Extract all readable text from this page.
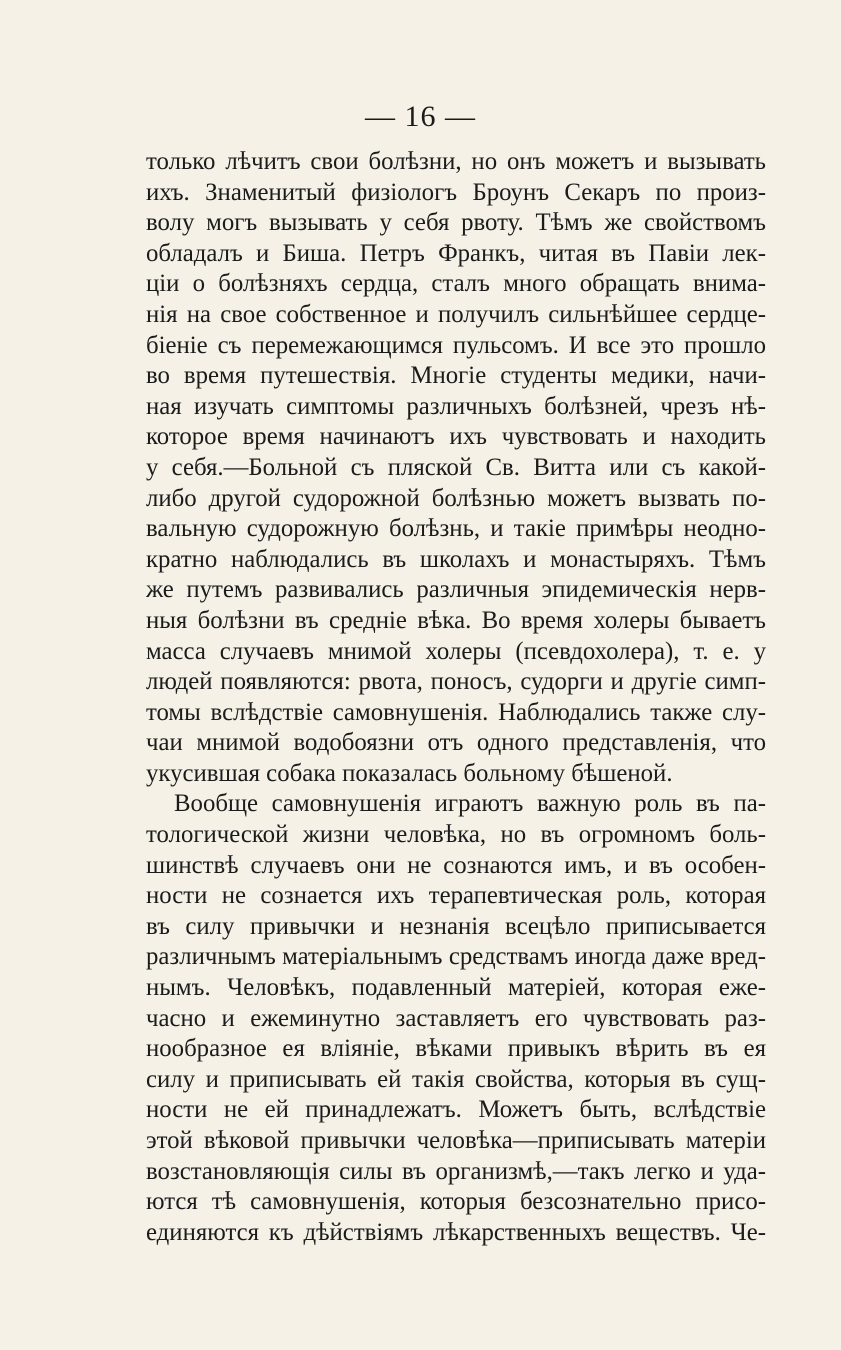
— 16 —
только лѣчитъ свои болѣзни, но онъ можетъ и вызывать
ихъ. Знаменитый физіологъ Броунъ Секаръ по произ-
волу могъ вызывать у себя рвоту. Тѣмъ же свойствомъ
обладалъ и Биша. Петръ Франкъ, читая въ Павіи лек-
ціи о болѣзняхъ сердца, сталъ много обращать внима-
нія на свое собственное и получилъ сильнѣйшее сердце-
біеніе съ перемежающимся пульсомъ. И все это прошло
во время путешествія. Многіе студенты медики, начи-
ная изучать симптомы различныхъ болѣзней, чрезъ нѣ-
которое время начинаютъ ихъ чувствовать и находить
у себя.—Больной съ пляской Св. Витта или съ какой-
либо другой судорожной болѣзнью можетъ вызвать по-
вальную судорожную болѣзнь, и такіе примѣры неодно-
кратно наблюдались въ школахъ и монастыряхъ. Тѣмъ
же путемъ развивались различныя эпидемическія нерв-
ныя болѣзни въ средніе вѣка. Во время холеры бываетъ
масса случаевъ мнимой холеры (псевдохолера), т. е. у
людей появляются: рвота, поносъ, судорги и другіе симп-
томы вслѣдствіе самовнушенія. Наблюдались также слу-
чаи мнимой водобоязни отъ одного представленія, что
укусившая собака показалась больному бѣшеной.
Вообще самовнушенія играютъ важную роль въ па-
тологической жизни человѣка, но въ огромномъ боль-
шинствѣ случаевъ они не сознаются имъ, и въ особен-
ности не сознается ихъ терапевтическая роль, которая
въ силу привычки и незнанія всецѣло приписывается
различнымъ матеріальнымъ средствамъ иногда даже вред-
нымъ. Человѣкъ, подавленный матеріей, которая еже-
часно и ежеминутно заставляетъ его чувствовать раз-
нообразное ея вліяніе, вѣками привыкъ вѣрить въ ея
силу и приписывать ей такія свойства, которыя въ сущ-
ности не ей принадлежатъ. Можетъ быть, вслѣдствіе
этой вѣковой привычки человѣка—приписывать матеріи
возстановляющія силы въ организмѣ,—такъ легко и уда-
ются тѣ самовнушенія, которыя безсознательно присо-
единяются къ дѣйствіямъ лѣкарственныхъ веществъ. Че-
